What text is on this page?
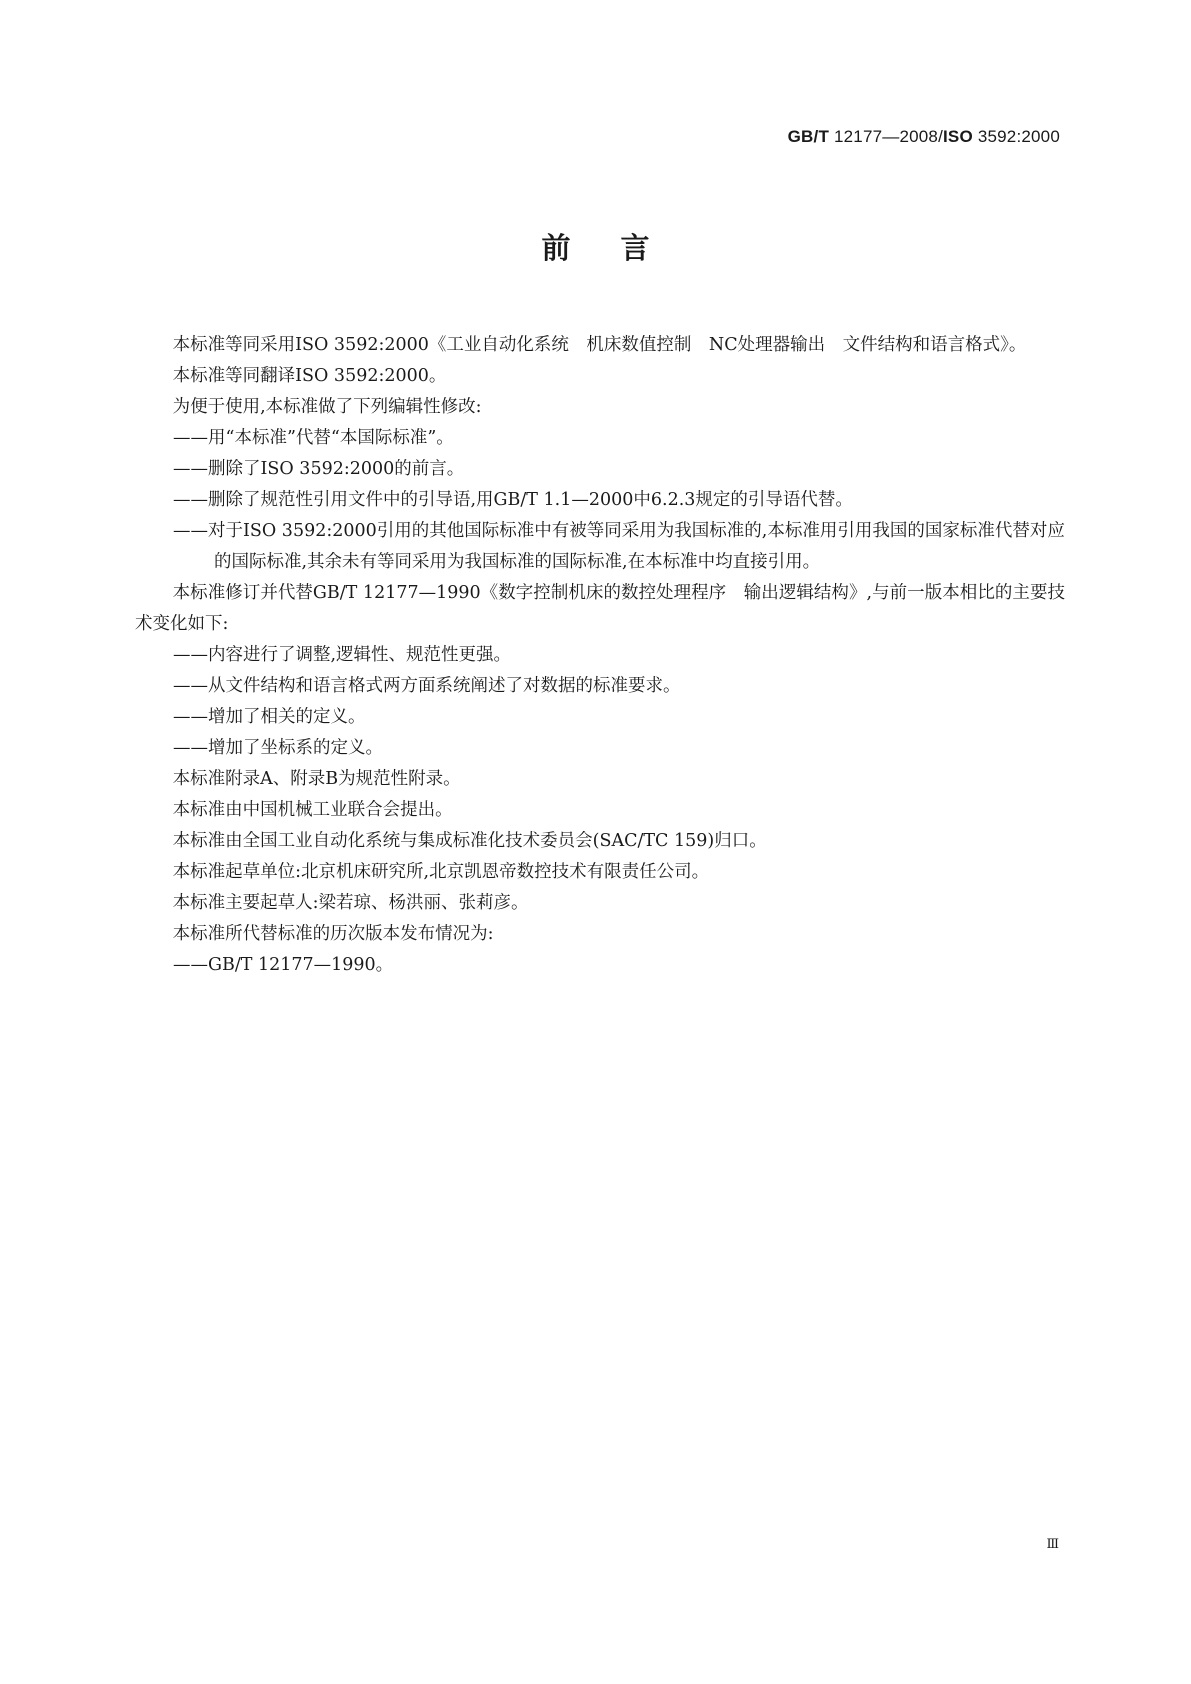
GB/T 12177—2008/ISO 3592:2000
前言

本标准等同采用ISO 3592:2000《工业自动化系统　机床数值控制　NC处理器输出　文件结构和语言格式》。

本标准等同翻译ISO 3592:2000。

为便于使用,本标准做了下列编辑性修改:

——用“本标准”代替“本国际标准”。

——删除了ISO 3592:2000的前言。

——删除了规范性引用文件中的引导语,用GB/T 1.1—2000中6.2.3规定的引导语代替。

——对于ISO 3592:2000引用的其他国际标准中有被等同采用为我国标准的,本标准用引用我国的国家标准代替对应的国际标准,其余未有等同采用为我国标准的国际标准,在本标准中均直接引用。

本标准修订并代替GB/T 12177—1990《数字控制机床的数控处理程序　输出逻辑结构》,与前一版本相比的主要技术变化如下:

——内容进行了调整,逻辑性、规范性更强。

——从文件结构和语言格式两方面系统阐述了对数据的标准要求。

——增加了相关的定义。

——增加了坐标系的定义。

本标准附录A、附录B为规范性附录。

本标准由中国机械工业联合会提出。

本标准由全国工业自动化系统与集成标准化技术委员会(SAC/TC 159)归口。

本标准起草单位:北京机床研究所,北京凯恩帝数控技术有限责任公司。

本标准主要起草人:梁若琼、杨洪丽、张莉彦。

本标准所代替标准的历次版本发布情况为:

——GB/T 12177—1990。

Ⅲ
